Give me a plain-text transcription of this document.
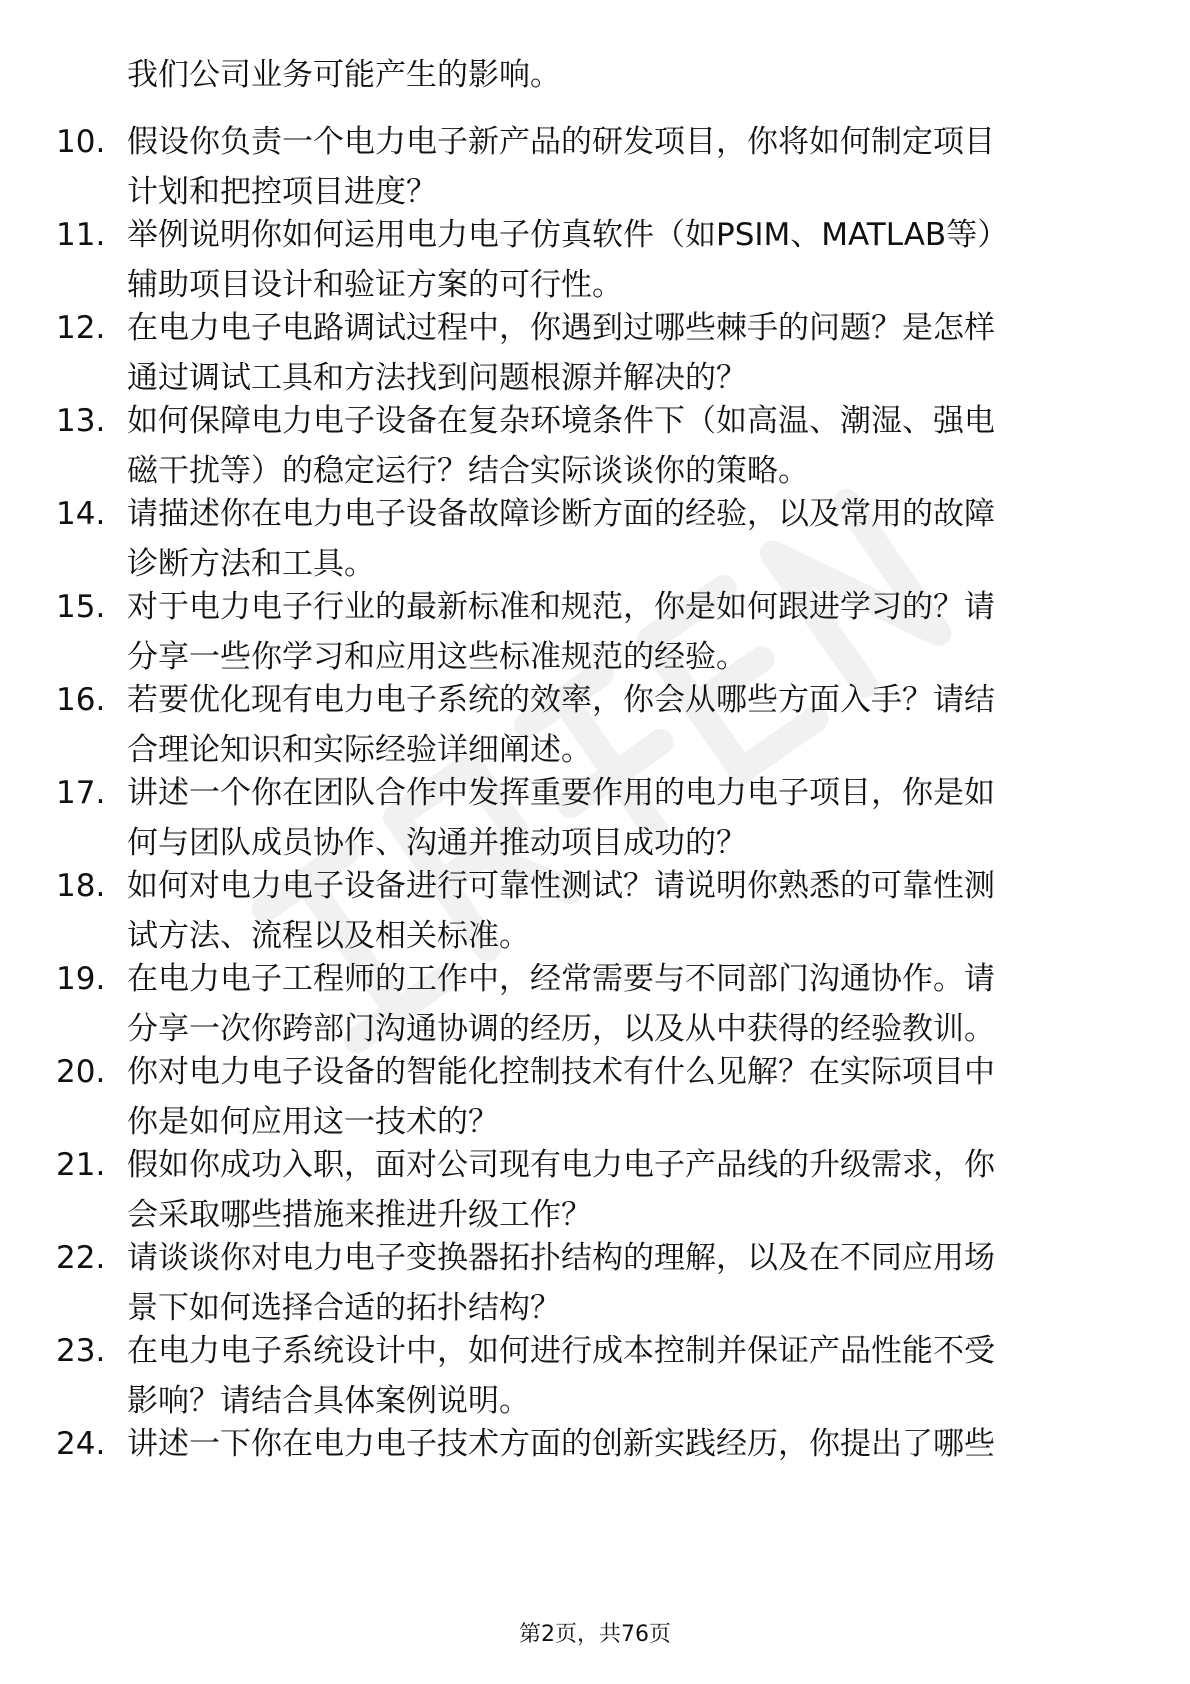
我们公司业务可能产生的影响。
10. 假设你负责一个电力电子新产品的研发项目，你将如何制定项目
计划和把控项目进度？
11. 举例说明你如何运用电力电子仿真软件（如PSIM、MATLAB等）
辅助项目设计和验证方案的可行性。
12. 在电力电子电路调试过程中，你遇到过哪些棘手的问题？是怎样
通过调试工具和方法找到问题根源并解决的？
13. 如何保障电力电子设备在复杂环境条件下（如高温、潮湿、强电
磁干扰等）的稳定运行？结合实际谈谈你的策略。
14. 请描述你在电力电子设备故障诊断方面的经验，以及常用的故障
诊断方法和工具。
15. 对于电力电子行业的最新标准和规范，你是如何跟进学习的？请
分享一些你学习和应用这些标准规范的经验。
16. 若要优化现有电力电子系统的效率，你会从哪些方面入手？请结
合理论知识和实际经验详细阐述。
17. 讲述一个你在团队合作中发挥重要作用的电力电子项目，你是如
何与团队成员协作、沟通并推动项目成功的？
18. 如何对电力电子设备进行可靠性测试？请说明你熟悉的可靠性测
试方法、流程以及相关标准。
19. 在电力电子工程师的工作中，经常需要与不同部门沟通协作。请
分享一次你跨部门沟通协调的经历，以及从中获得的经验教训。
20. 你对电力电子设备的智能化控制技术有什么见解？在实际项目中
你是如何应用这一技术的？
21. 假如你成功入职，面对公司现有电力电子产品线的升级需求，你
会采取哪些措施来推进升级工作？
22. 请谈谈你对电力电子变换器拓扑结构的理解，以及在不同应用场
景下如何选择合适的拓扑结构？
23. 在电力电子系统设计中，如何进行成本控制并保证产品性能不受
影响？请结合具体案例说明。
24. 讲述一下你在电力电子技术方面的创新实践经历，你提出了哪些
第2页，共76页
